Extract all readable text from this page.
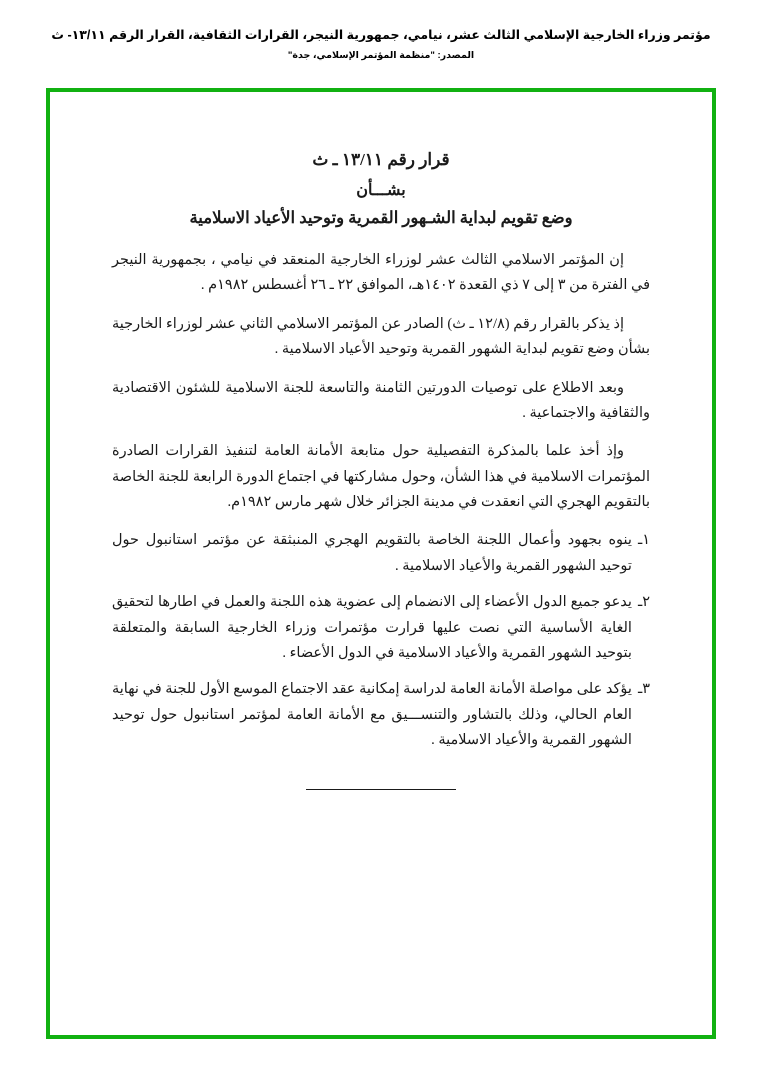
مؤتمر وزراء الخارجية الإسلامي الثالث عشر، نيامي، جمهورية النيجر، القرارات الثقافية، القرار الرقم ١٣/١١- ث
المصدر: "منظمة المؤتمر الإسلامي، جدة"
قرار رقم ١٣/١١ ـ ث
بشـــأن
وضع تقويم لبداية الشـهور القمرية وتوحيد الأعياد الاسلامية

إن المؤتمر الاسلامي الثالث عشر لوزراء الخارجية المنعقد في نيامي ، بجمهورية النيجر في الفترة من ٣ إلى ٧ ذي القعدة ١٤٠٢هـ، الموافق ٢٢ ـ ٢٦ أغسطس ١٩٨٢م .

إذ يذكر بالقرار رقم (١٢/٨ ـ ث) الصادر عن المؤتمر الاسلامي الثاني عشر لوزراء الخارجية بشأن وضع تقويم لبداية الشهور القمرية وتوحيد الأعياد الاسلامية .

وبعد الاطلاع على توصيات الدورتين الثامنة والتاسعة للجنة الاسلامية للشئون الاقتصادية والثقافية والاجتماعية .

وإذ أخذ علما بالمذكرة التفصيلية حول متابعة الأمانة العامة لتنفيذ القرارات الصادرة المؤتمرات الاسلامية في هذا الشأن، وحول مشاركتها في اجتماع الدورة الرابعة للجنة الخاصة بالتقويم الهجري التي انعقدت في مدينة الجزائر خلال شهر مارس ١٩٨٢م.

١ـ
ينوه بجهود وأعمال اللجنة الخاصة بالتقويم الهجري المنبثقة عن مؤتمر استانبول حول توحيد الشهور القمرية والأعياد الاسلامية .
٢ـ
يدعو جميع الدول الأعضاء إلى الانضمام إلى عضوية هذه اللجنة والعمل في اطارها لتحقيق الغاية الأساسية التي نصت عليها قرارت مؤتمرات وزراء الخارجية السابقة والمتعلقة بتوحيد الشهور القمرية والأعياد الاسلامية في الدول الأعضاء .
٣ـ
يؤكد على مواصلة الأمانة العامة لدراسة إمكانية عقد الاجتماع الموسع الأول للجنة في نهاية العام الحالي، وذلك بالتشاور والتنســـيق مع الأمانة العامة لمؤتمر استانبول حول توحيد الشهور القمرية والأعياد الاسلامية .
